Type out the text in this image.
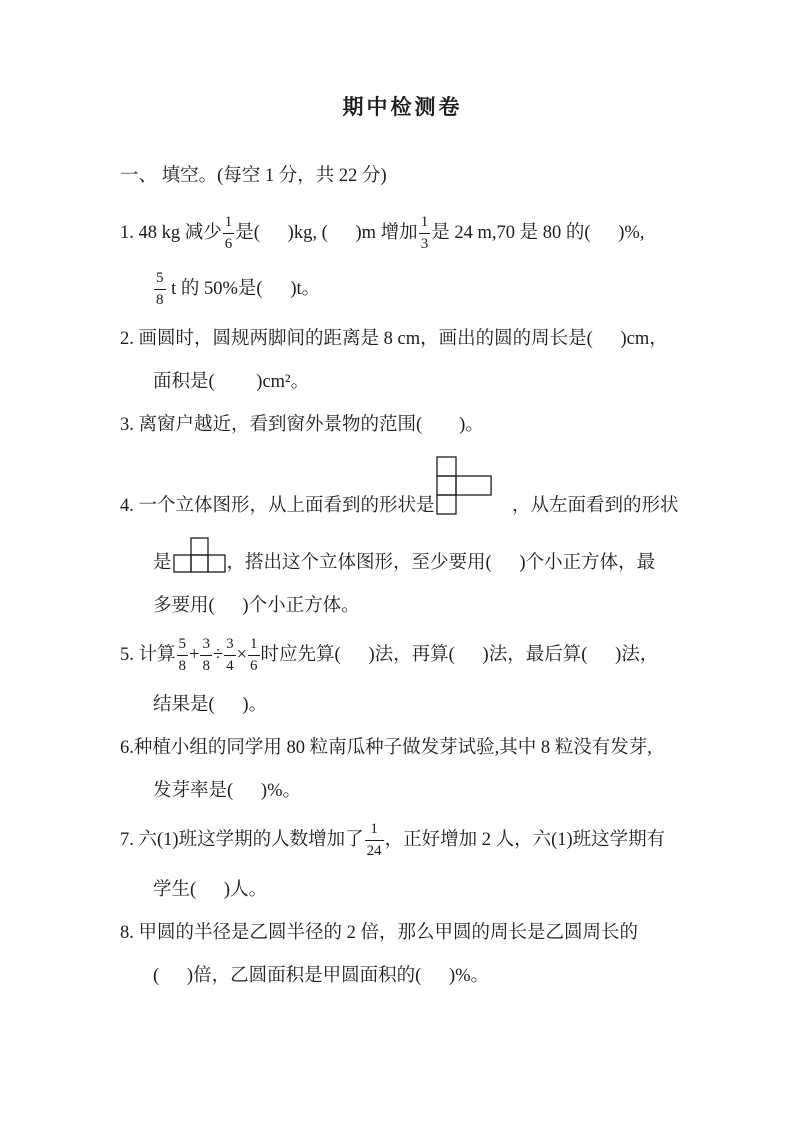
期中检测卷
一、 填空。(每空 1 分，共 22 分)
1. 48 kg 减少 $\frac{1}{6}$ 是(      )kg, (      )m 增加 $\frac{1}{3}$ 是 24 m,70 是 80 的(      )%,
$\frac{5}{8}$ t 的 50%是(      )t。
2. 画圆时，圆规两脚间的距离是 8 cm，画出的圆的周长是(      )cm，
面积是(         )cm²。
3. 离窗户越近，看到窗外景物的范围(        )。
4. 一个立体图形，从上面看到的形状是	，从左面看到的形状
是	，搭出这个立体图形，至少要用(      )个小正方体，最
多要用(      )个小正方体。
5. 计算 $\frac{5}{8} + \frac{3}{8} \div \frac{3}{4} \times \frac{1}{6}$ 时应先算(      )法，再算(      )法，最后算(      )法，
结果是(      )。
6.种植小组的同学用 80 粒南瓜种子做发芽试验,其中 8 粒没有发芽,
发芽率是(      )%。
7. 六(1)班这学期的人数增加了 $\frac{1}{24}$ ，正好增加 2 人，六(1)班这学期有
学生(      )人。
8. 甲圆的半径是乙圆半径的 2 倍，那么甲圆的周长是乙圆周长的
(      )倍，乙圆面积是甲圆面积的(      )%。
